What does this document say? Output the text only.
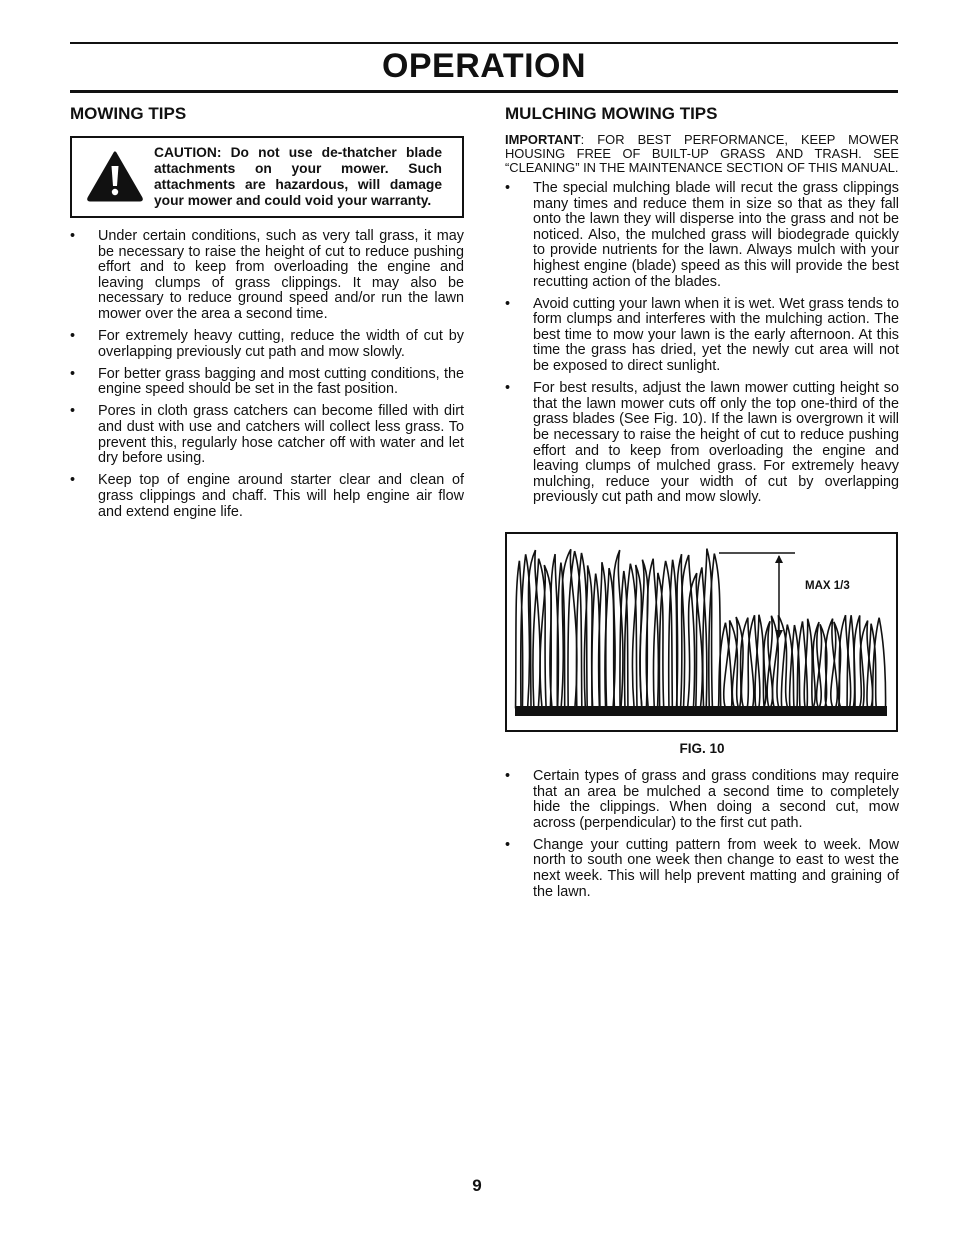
OPERATION
MOWING TIPS
CAUTION: Do not use de-thatcher blade attachments on your mower. Such attachments are hazardous, will damage your mower and could void your warranty.
• Under certain conditions, such as very tall grass, it may be necessary to raise the height of cut to reduce pushing effort and to keep from overloading the engine and leaving clumps of grass clippings. It may also be necessary to reduce ground speed and/or run the lawn mower over the area a second time.
• For extremely heavy cutting, reduce the width of cut by overlapping previously cut path and mow slowly.
• For better grass bagging and most cutting conditions, the engine speed should be set in the fast position.
• Pores in cloth grass catchers can become filled with dirt and dust with use and catchers will collect less grass. To prevent this, regularly hose catcher off with water and let dry before using.
• Keep top of engine around starter clear and clean of grass clippings and chaff. This will help engine air flow and extend engine life.
MULCHING MOWING TIPS
IMPORTANT: FOR BEST PERFORMANCE, KEEP MOWER HOUSING FREE OF BUILT-UP GRASS AND TRASH. SEE “CLEANING” IN THE MAINTENANCE SECTION OF THIS MANUAL.
• The special mulching blade will recut the grass clippings many times and reduce them in size so that as they fall onto the lawn they will disperse into the grass and not be noticed. Also, the mulched grass will biodegrade quickly to provide nutrients for the lawn. Always mulch with your highest engine (blade) speed as this will provide the best recutting action of the blades.
• Avoid cutting your lawn when it is wet. Wet grass tends to form clumps and interferes with the mulching action. The best time to mow your lawn is the early afternoon. At this time the grass has dried, yet the newly cut area will not be exposed to direct sunlight.
• For best results, adjust the lawn mower cutting height so that the lawn mower cuts off only the top one-third of the grass blades (See Fig. 10). If the lawn is overgrown it will be necessary to raise the height of cut to reduce pushing effort and to keep from overloading the engine and leaving clumps of mulched grass. For extremely heavy mulching, reduce your width of cut by overlapping previously cut path and mow slowly.
MAX 1/3
FIG. 10
• Certain types of grass and grass conditions may require that an area be mulched a second time to completely hide the clippings. When doing a second cut, mow across (perpendicular) to the first cut path.
• Change your cutting pattern from week to week. Mow north to south one week then change to east to west the next week. This will help prevent matting and graining of the lawn.
9
